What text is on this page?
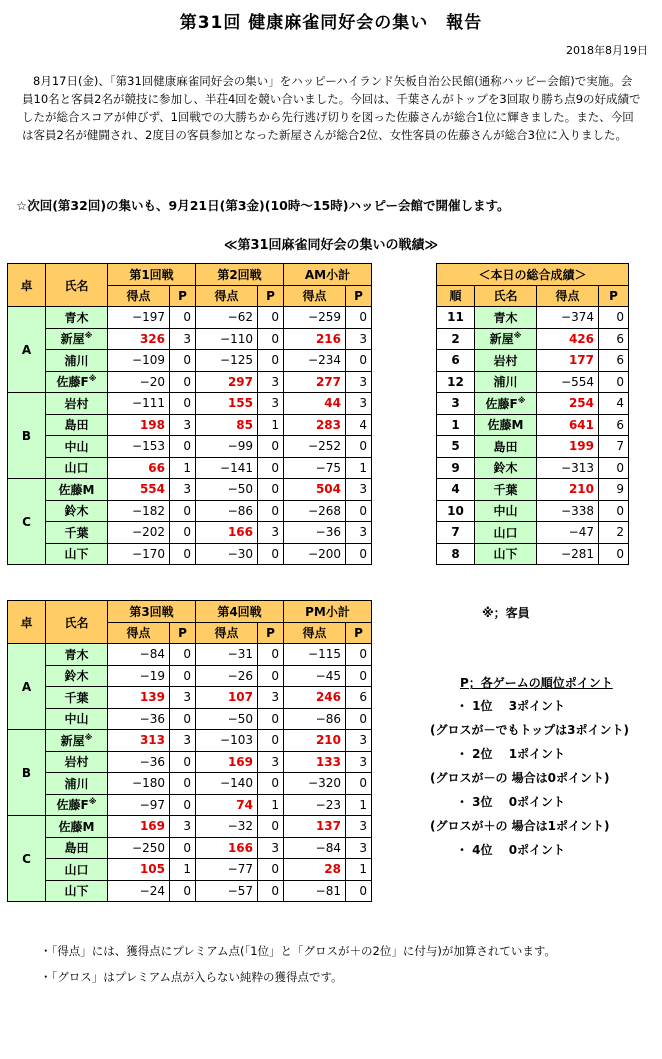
第31回 健康麻雀同好会の集い　報告
2018年8月19日

8月17日(金)、「第31回健康麻雀同好会の集い」をハッピーハイランド矢板自治公民館(通称ハッピー会館)で実施。会員10名と客員2名が競技に参加し、半荘4回を競い合いました。今回は、千葉さんがトップを3回取り勝ち点9の好成績でしたが総合スコアが伸びず、1回戦での大勝ちから先行逃げ切りを図った佐藤さんが総合1位に輝きました。また、今回は客員2名が健闘され、2度目の客員参加となった新屋さんが総合2位、女性客員の佐藤さんが総合3位に入りました。

☆次回(第32回)の集いも、9月21日(第3金)(10時～15時)ハッピー会館で開催します。
≪第31回麻雀同好会の集いの戦績≫
卓	氏名	第1回戦		第2回戦		AM小計	
		得点	P	得点	P	得点	P
A	青木	−197	0	−62	0	−259	0
	新屋※	326	3	−110	0	216	3
	浦川	−109	0	−125	0	−234	0
	佐藤F※	−20	0	297	3	277	3
B	岩村	−111	0	155	3	44	3
	島田	198	3	85	1	283	4
	中山	−153	0	−99	0	−252	0
	山口	66	1	−141	0	−75	1
C	佐藤M	554	3	−50	0	504	3
	鈴木	−182	0	−86	0	−268	0
	千葉	−202	0	166	3	−36	3
	山下	−170	0	−30	0	−200	0
卓	氏名	第3回戦		第4回戦		PM小計	
		得点	P	得点	P	得点	P
A	青木	−84	0	−31	0	−115	0
	鈴木	−19	0	−26	0	−45	0
	千葉	139	3	107	3	246	6
	中山	−36	0	−50	0	−86	0
B	新屋※	313	3	−103	0	210	3
	岩村	−36	0	169	3	133	3
	浦川	−180	0	−140	0	−320	0
	佐藤F※	−97	0	74	1	−23	1
C	佐藤M	169	3	−32	0	137	3
	島田	−250	0	166	3	−84	3
	山口	105	1	−77	0	28	1
	山下	−24	0	−57	0	−81	0
＜本日の総合成績＞			
順	氏名	得点	P
11	青木	−374	0
2	新屋※	426	6
6	岩村	177	6
12	浦川	−554	0
3	佐藤F※	254	4
1	佐藤M	641	6
5	島田	199	7
9	鈴木	−313	0
4	千葉	210	9
10	中山	−338	0
7	山口	−47	2
8	山下	−281	0
※；客員
P；各ゲームの順位ポイント
・ 1位　 3ポイント
(グロスが－でもトップは3ポイント)
・ 2位　 1ポイント
(グロスが－の 場合は0ポイント)
・ 3位　 0ポイント
(グロスが＋の 場合は1ポイント)
・ 4位　 0ポイント
・「得点」には、獲得点にプレミアム点(「1位」と「グロスが＋の2位」に付与)が加算されています。
・「グロス」はプレミアム点が入らない純粋の獲得点です。
